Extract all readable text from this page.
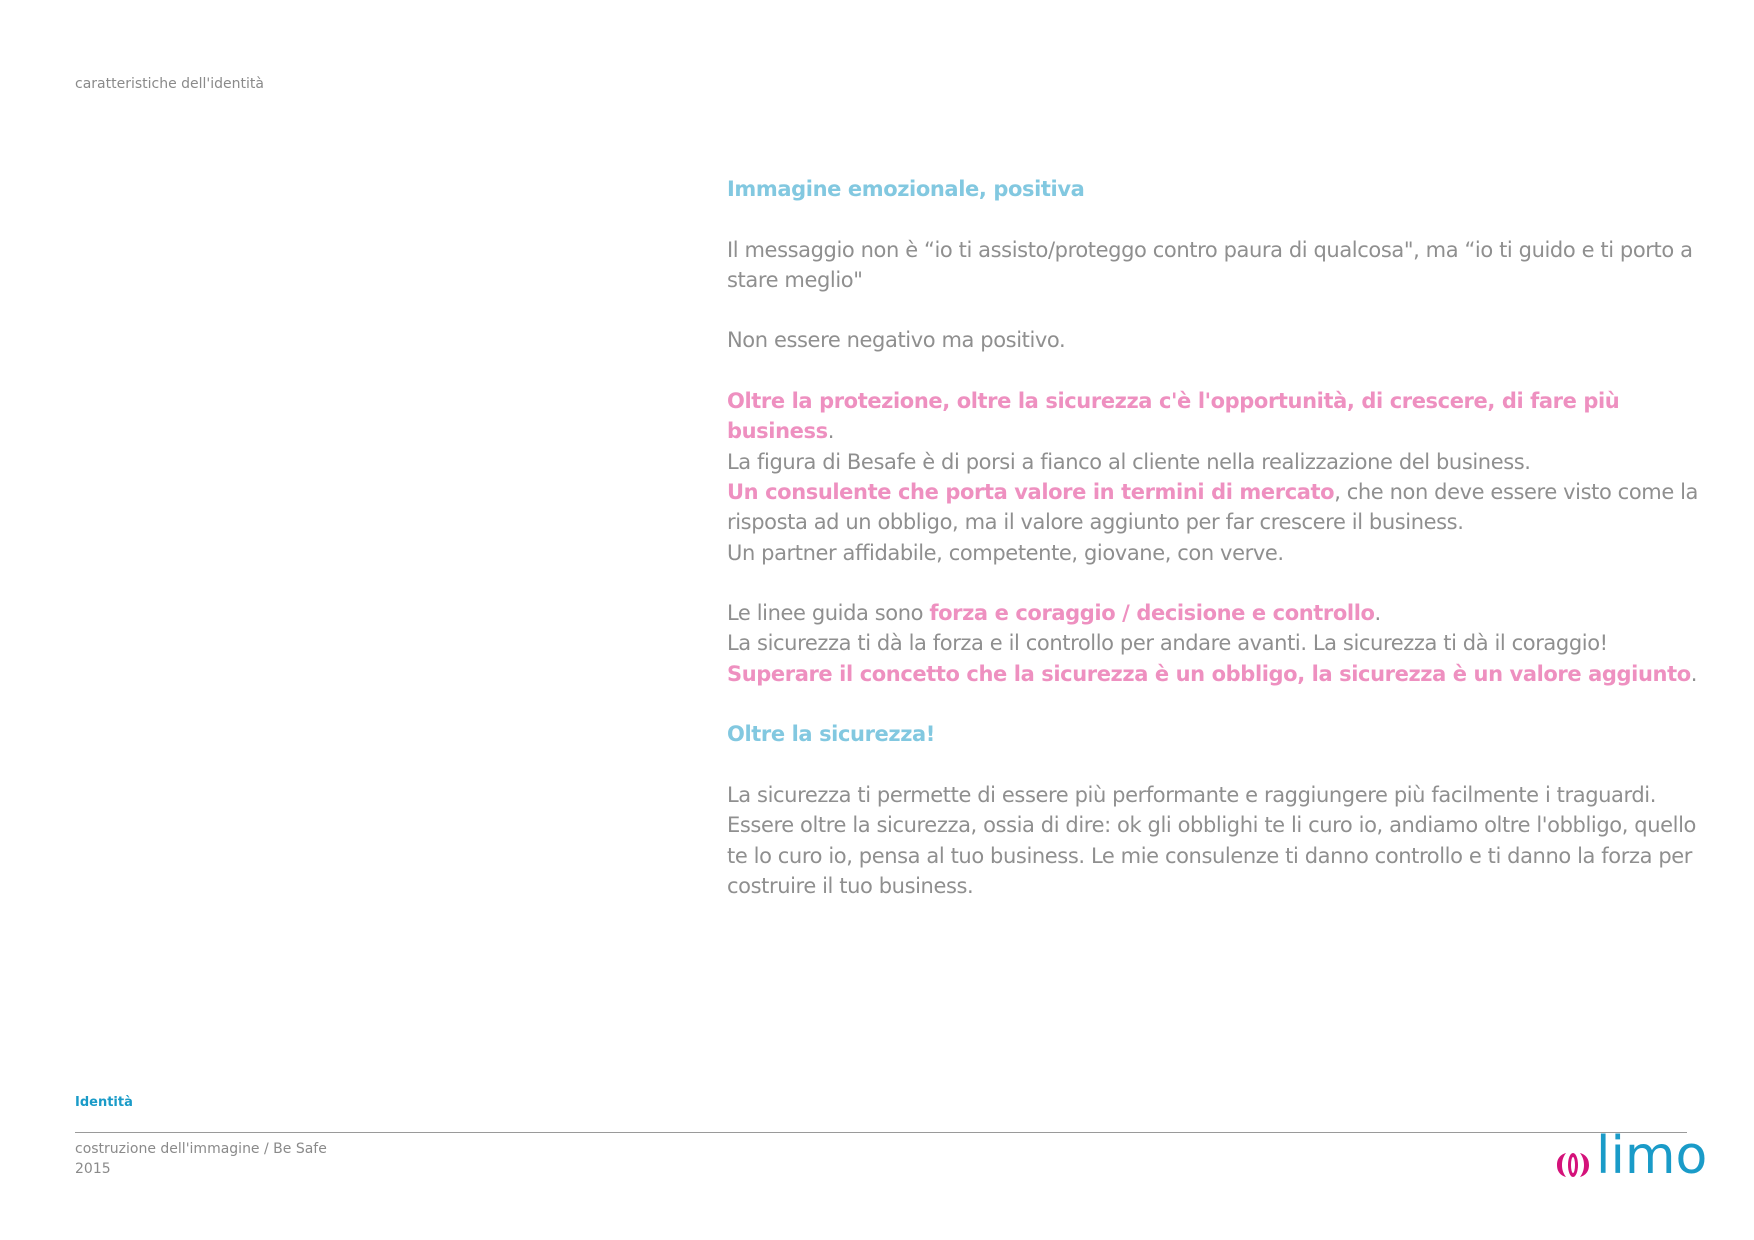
caratteristiche dell'identità

Immagine emozionale, positiva

Il messaggio non è “io ti assisto/proteggo contro paura di qualcosa", ma “io ti guido e ti porto a stare meglio"

Non essere negativo ma positivo.

Oltre la protezione, oltre la sicurezza c'è l'opportunità, di crescere, di fare più business.

La figura di Besafe è di porsi a fianco al cliente nella realizzazione del business.

Un consulente che porta valore in termini di mercato, che non deve essere visto come la risposta ad un obbligo, ma il valore aggiunto per far crescere il business.

Un partner affidabile, competente, giovane, con verve.

Le linee guida sono forza e coraggio / decisione e controllo.

La sicurezza ti dà la forza e il controllo per andare avanti. La sicurezza ti dà il coraggio!

Superare il concetto che la sicurezza è un obbligo, la sicurezza è un valore aggiunto.

Oltre la sicurezza!

La sicurezza ti permette di essere più performante e raggiungere più facilmente i traguardi.

Essere oltre la sicurezza, ossia di dire: ok gli obblighi te li curo io, andiamo oltre l'obbligo, quello te lo curo io, pensa al tuo business. Le mie consulenze ti danno controllo e ti danno la forza per costruire il tuo business.

Identità
costruzione dell'immagine / Be Safe
2015	limo
